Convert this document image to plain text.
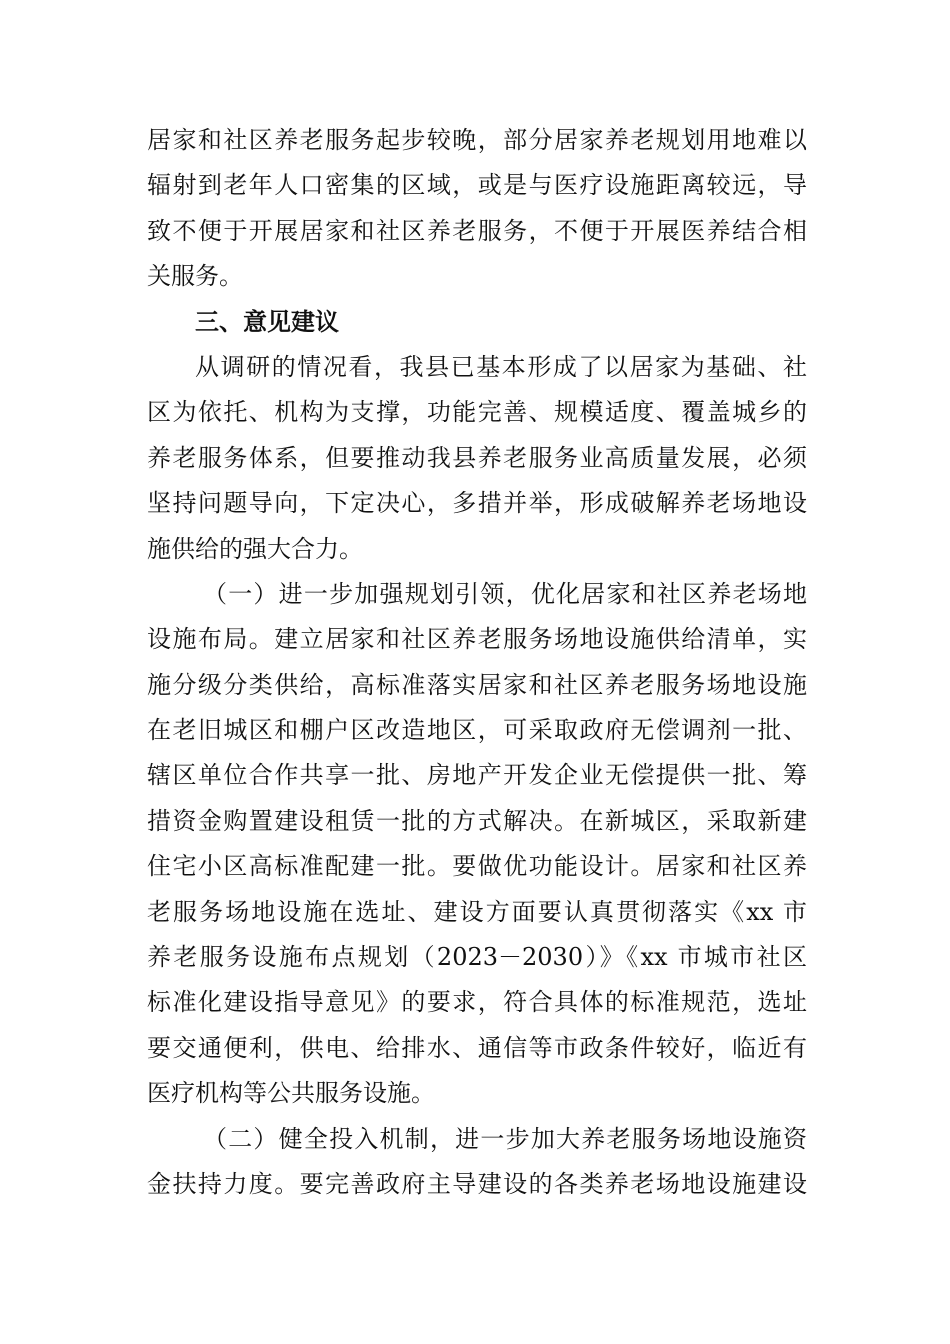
居家和社区养老服务起步较晚，部分居家养老规划用地难以
辐射到老年人口密集的区域，或是与医疗设施距离较远，导
致不便于开展居家和社区养老服务，不便于开展医养结合相
关服务。
三、意见建议
从调研的情况看，我县已基本形成了以居家为基础、社
区为依托、机构为支撑，功能完善、规模适度、覆盖城乡的
养老服务体系，但要推动我县养老服务业高质量发展，必须
坚持问题导向，下定决心，多措并举，形成破解养老场地设
施供给的强大合力。
（一）进一步加强规划引领，优化居家和社区养老场地
设施布局。建立居家和社区养老服务场地设施供给清单，实
施分级分类供给，高标准落实居家和社区养老服务场地设施
在老旧城区和棚户区改造地区，可采取政府无偿调剂一批、
辖区单位合作共享一批、房地产开发企业无偿提供一批、筹
措资金购置建设租赁一批的方式解决。在新城区，采取新建
住宅小区高标准配建一批。要做优功能设计。居家和社区养
老服务场地设施在选址、建设方面要认真贯彻落实《xx 市
养老服务设施布点规划（2023－2030）》《xx 市城市社区
标准化建设指导意见》的要求，符合具体的标准规范，选址
要交通便利，供电、给排水、通信等市政条件较好，临近有
医疗机构等公共服务设施。
（二）健全投入机制，进一步加大养老服务场地设施资
金扶持力度。要完善政府主导建设的各类养老场地设施建设
